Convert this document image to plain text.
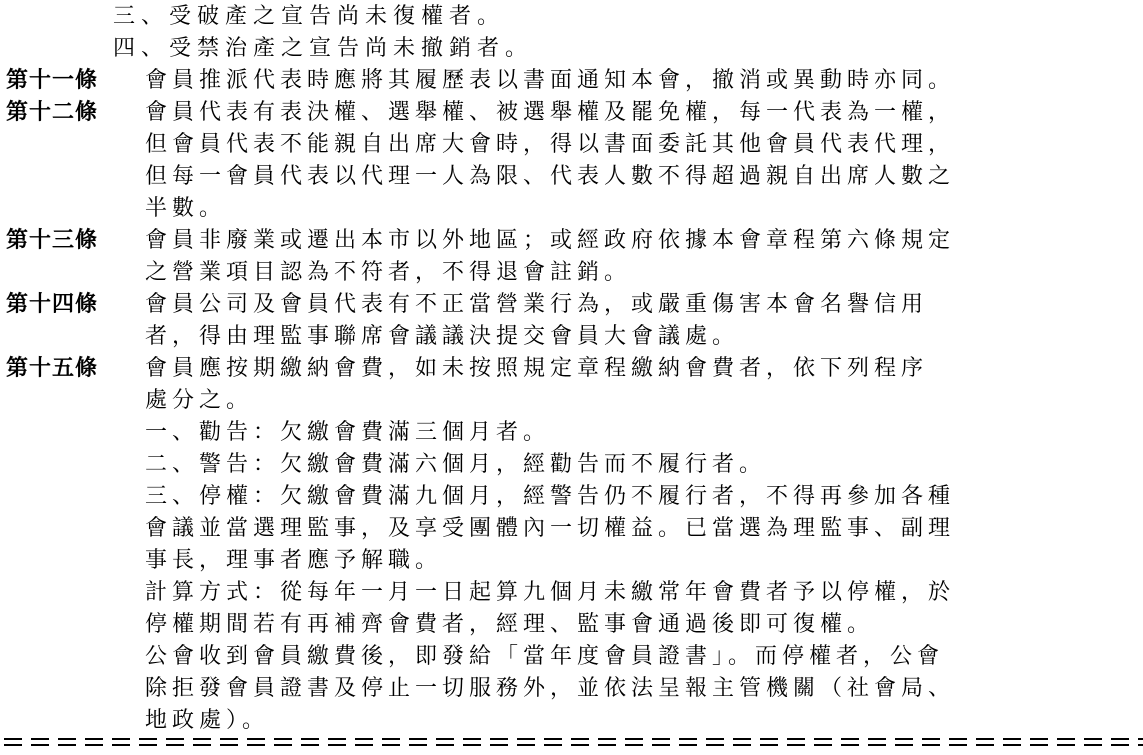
三、受破產之宣告尚未復權者。
四、受禁治產之宣告尚未撤銷者。
第十一條 會員推派代表時應將其履歷表以書面通知本會，撤消或異動時亦同。
第十二條 會員代表有表決權、選舉權、被選舉權及罷免權，每一代表為一權，
但會員代表不能親自出席大會時，得以書面委託其他會員代表代理，
但每一會員代表以代理一人為限、代表人數不得超過親自出席人數之
半數。
第十三條 會員非廢業或遷出本市以外地區；或經政府依據本會章程第六條規定
之營業項目認為不符者，不得退會註銷。
第十四條 會員公司及會員代表有不正當營業行為，或嚴重傷害本會名譽信用
者，得由理監事聯席會議議決提交會員大會議處。
第十五條 會員應按期繳納會費，如未按照規定章程繳納會費者，依下列程序
處分之。
一、勸告：欠繳會費滿三個月者。
二、警告：欠繳會費滿六個月，經勸告而不履行者。
三、停權：欠繳會費滿九個月，經警告仍不履行者，不得再參加各種
會議並當選理監事，及享受團體內一切權益。已當選為理監事、副理
事長，理事者應予解職。
計算方式：從每年一月一日起算九個月未繳常年會費者予以停權，於
停權期間若有再補齊會費者，經理、監事會通過後即可復權。
公會收到會員繳費後，即發給「當年度會員證書」。而停權者，公會
除拒發會員證書及停止一切服務外，並依法呈報主管機關（社會局、
地政處）。
